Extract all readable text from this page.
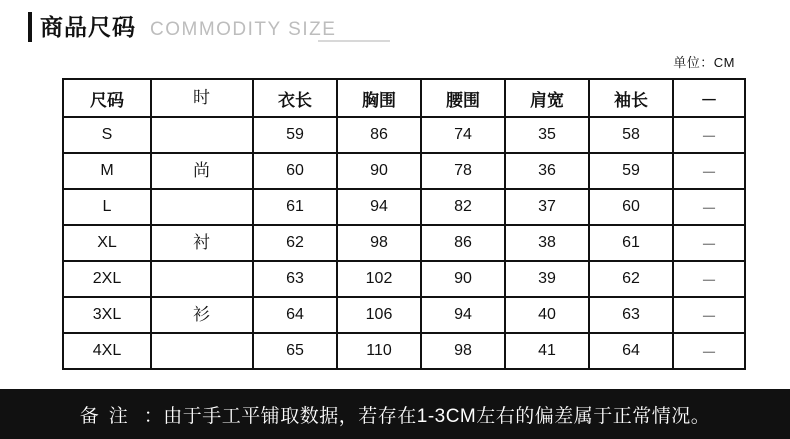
商品尺码 COMMODITY SIZE
单位：CM
尺码	时	衣长	胸围	腰围	肩宽	袖长	－
S		59	86	74	35	58	－
M	尚	60	90	78	36	59	－
L		61	94	82	37	60	－
XL	衬	62	98	86	38	61	－
2XL		63	102	90	39	62	－
3XL	衫	64	106	94	40	63	－
4XL		65	110	98	41	64	－
备注 ：由于手工平铺取数据，若存在1-3CM左右的偏差属于正常情况。
